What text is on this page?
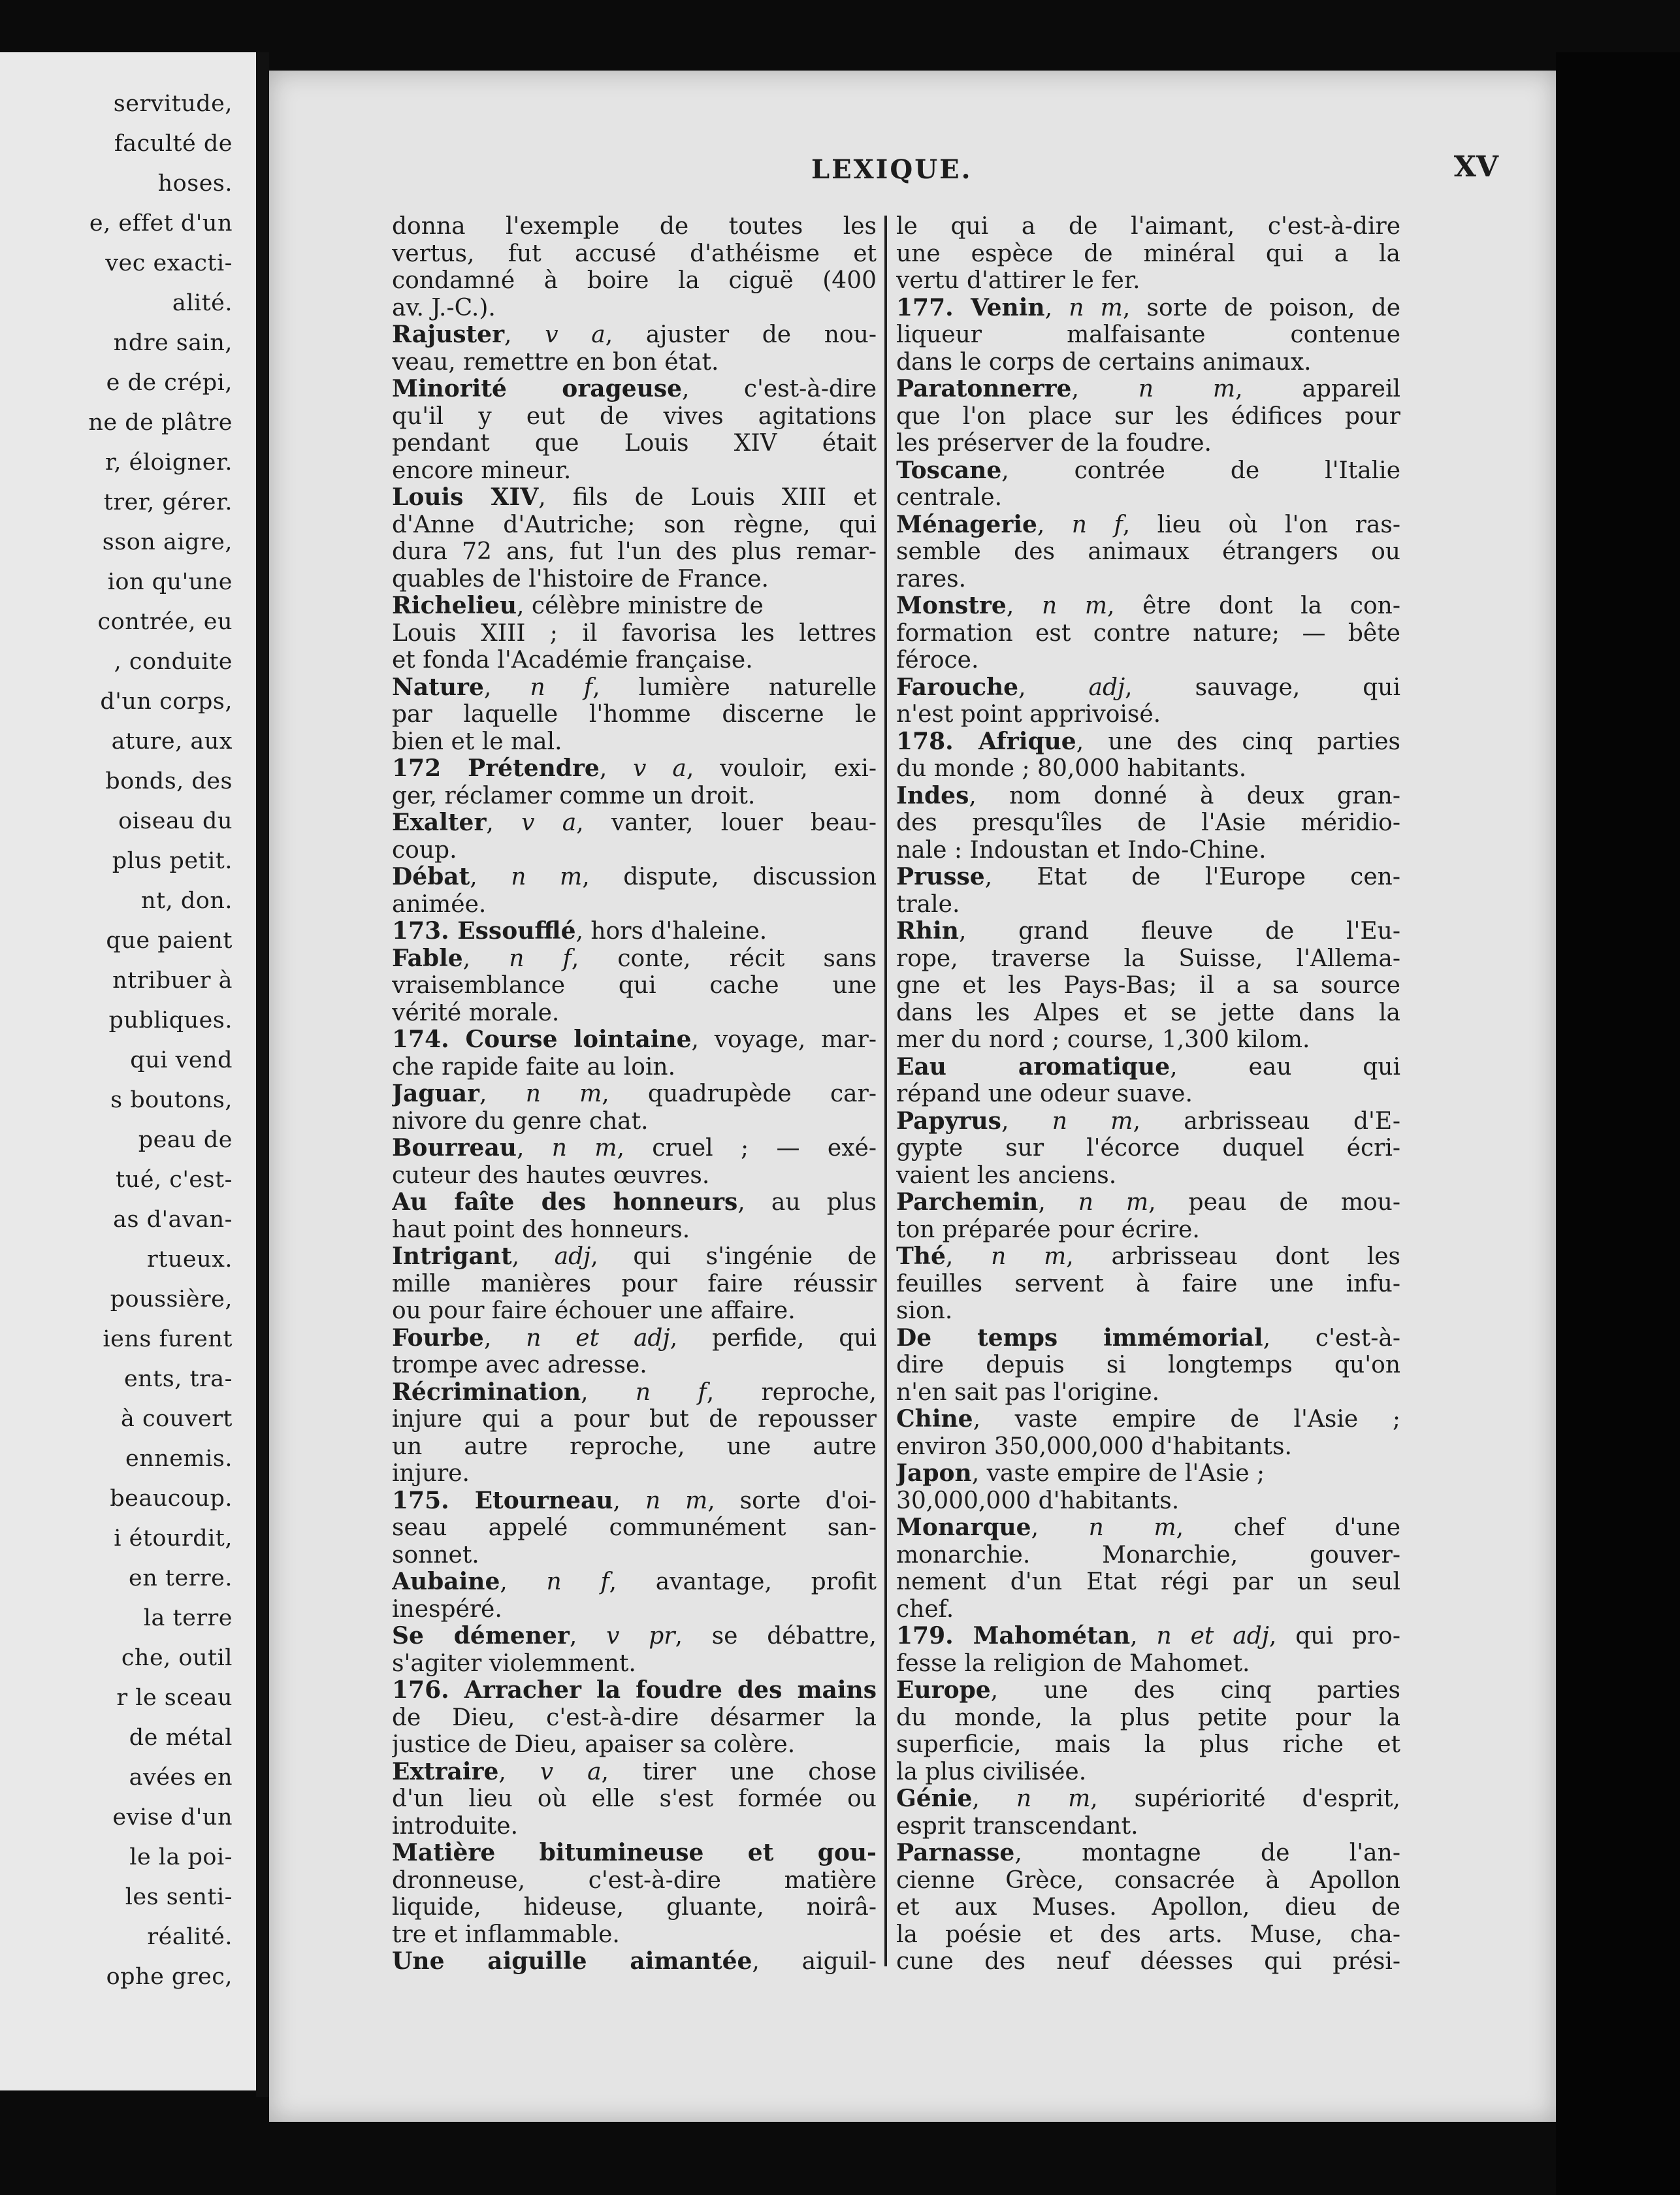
servitude,
faculté de
hoses.
e, effet d'un
vec exacti-
alité.
ndre sain,
e de crépi,
ne de plâtre
r, éloigner.
trer, gérer.
sson aigre,
ion qu'une
contrée, eu
, conduite
d'un corps,
ature, aux
bonds, des
oiseau du
plus petit.
nt, don.
que paient
ntribuer à
publiques.
qui vend
s boutons,
peau de
tué, c'est-
as d'avan-
rtueux.
poussière,
iens furent
ents, tra-
à couvert
ennemis.
beaucoup.
i étourdit,
en terre.
la terre
che, outil
r le sceau
de métal
avées en
evise d'un
le la poi-
les senti-
réalité.
ophe grec,
LEXIQUE.	XV
donna l'exemple de toutes les
vertus, fut accusé d'athéisme et
condamné à boire la ciguë (400
av. J.-C.).
Rajuster, v a, ajuster de nou-
veau, remettre en bon état.
Minorité orageuse, c'est-à-dire
qu'il y eut de vives agitations
pendant que Louis XIV était
encore mineur.
Louis XIV, fils de Louis XIII et
d'Anne d'Autriche; son règne, qui
dura 72 ans, fut l'un des plus remar-
quables de l'histoire de France.
Richelieu, célèbre ministre de
Louis XIII ; il favorisa les lettres
et fonda l'Académie française.
Nature, n f, lumière naturelle
par laquelle l'homme discerne le
bien et le mal.
172 Prétendre, v a, vouloir, exi-
ger, réclamer comme un droit.
Exalter, v a, vanter, louer beau-
coup.
Débat, n m, dispute, discussion
animée.
173. Essoufflé, hors d'haleine.
Fable, n f, conte, récit sans
vraisemblance qui cache une
vérité morale.
174. Course lointaine, voyage, mar-
che rapide faite au loin.
Jaguar, n m, quadrupède car-
nivore du genre chat.
Bourreau, n m, cruel ; — exé-
cuteur des hautes œuvres.
Au faîte des honneurs, au plus
haut point des honneurs.
Intrigant, adj, qui s'ingénie de
mille manières pour faire réussir
ou pour faire échouer une affaire.
Fourbe, n et adj, perfide, qui
trompe avec adresse.
Récrimination, n f, reproche,
injure qui a pour but de repousser
un autre reproche, une autre
injure.
175. Etourneau, n m, sorte d'oi-
seau appelé communément san-
sonnet.
Aubaine, n f, avantage, profit
inespéré.
Se démener, v pr, se débattre,
s'agiter violemment.
176. Arracher la foudre des mains
de Dieu, c'est-à-dire désarmer la
justice de Dieu, apaiser sa colère.
Extraire, v a, tirer une chose
d'un lieu où elle s'est formée ou
introduite.
Matière bitumineuse et gou-
dronneuse, c'est-à-dire matière
liquide, hideuse, gluante, noirâ-
tre et inflammable.
Une aiguille aimantée, aiguil-
le qui a de l'aimant, c'est-à-dire
une espèce de minéral qui a la
vertu d'attirer le fer.
177. Venin, n m, sorte de poison, de
liqueur malfaisante contenue
dans le corps de certains animaux.
Paratonnerre, n m, appareil
que l'on place sur les édifices pour
les préserver de la foudre.
Toscane, contrée de l'Italie
centrale.
Ménagerie, n f, lieu où l'on ras-
semble des animaux étrangers ou
rares.
Monstre, n m, être dont la con-
formation est contre nature; — bête
féroce.
Farouche, adj, sauvage, qui
n'est point apprivoisé.
178. Afrique, une des cinq parties
du monde ; 80,000 habitants.
Indes, nom donné à deux gran-
des presqu'îles de l'Asie méridio-
nale : Indoustan et Indo-Chine.
Prusse, Etat de l'Europe cen-
trale.
Rhin, grand fleuve de l'Eu-
rope, traverse la Suisse, l'Allema-
gne et les Pays-Bas; il a sa source
dans les Alpes et se jette dans la
mer du nord ; course, 1,300 kilom.
Eau aromatique, eau qui
répand une odeur suave.
Papyrus, n m, arbrisseau d'E-
gypte sur l'écorce duquel écri-
vaient les anciens.
Parchemin, n m, peau de mou-
ton préparée pour écrire.
Thé, n m, arbrisseau dont les
feuilles servent à faire une infu-
sion.
De temps immémorial, c'est-à-
dire depuis si longtemps qu'on
n'en sait pas l'origine.
Chine, vaste empire de l'Asie ;
environ 350,000,000 d'habitants.
Japon, vaste empire de l'Asie ;
30,000,000 d'habitants.
Monarque, n m, chef d'une
monarchie. Monarchie, gouver-
nement d'un Etat régi par un seul
chef.
179. Mahométan, n et adj, qui pro-
fesse la religion de Mahomet.
Europe, une des cinq parties
du monde, la plus petite pour la
superficie, mais la plus riche et
la plus civilisée.
Génie, n m, supériorité d'esprit,
esprit transcendant.
Parnasse, montagne de l'an-
cienne Grèce, consacrée à Apollon
et aux Muses. Apollon, dieu de
la poésie et des arts. Muse, cha-
cune des neuf déesses qui prési-
